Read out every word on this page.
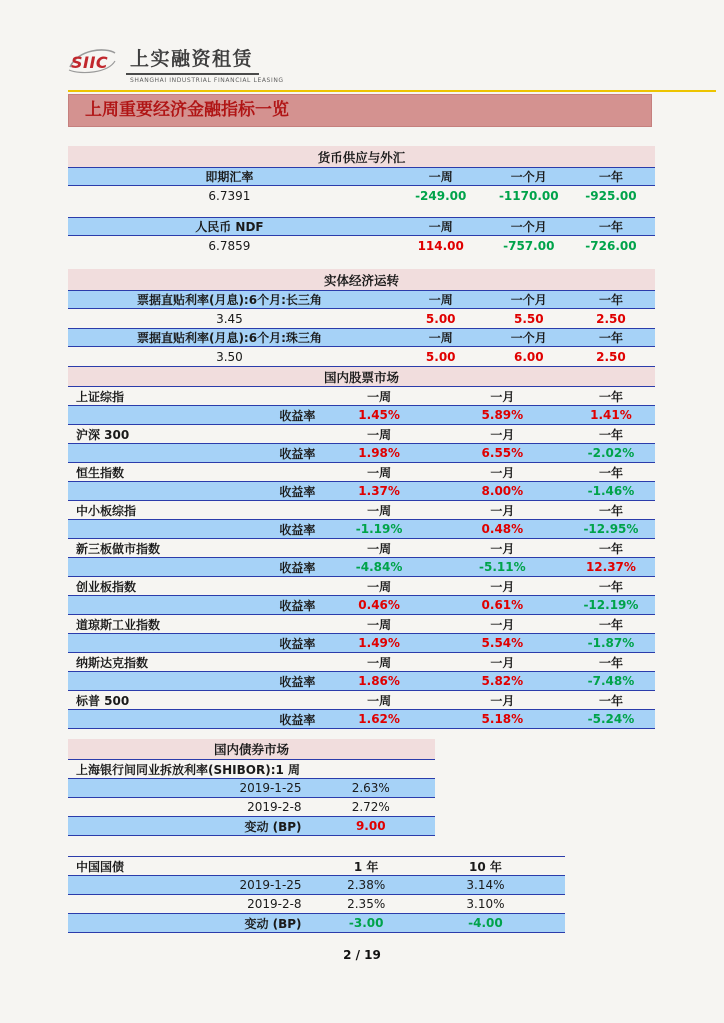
SIIC 上实融资租赁
SHANGHAI INDUSTRIAL FINANCIAL LEASING
上周重要经济金融指标一览
货币供应与外汇
即期汇率	一周	一个月	一年
6.7391	-249.00	-1170.00	-925.00
人民币 NDF	一周	一个月	一年
6.7859	114.00	-757.00	-726.00
实体经济运转
票据直贴利率(月息):6个月:长三角	一周	一个月	一年
3.45	5.00	5.50	2.50
票据直贴利率(月息):6个月:珠三角	一周	一个月	一年
3.50	5.00	6.00	2.50
国内股票市场
上证综指	一周	一月	一年
收益率	1.45%	5.89%	1.41%
沪深 300	一周	一月	一年
收益率	1.98%	6.55%	-2.02%
恒生指数	一周	一月	一年
收益率	1.37%	8.00%	-1.46%
中小板综指	一周	一月	一年
收益率	-1.19%	0.48%	-12.95%
新三板做市指数	一周	一月	一年
收益率	-4.84%	-5.11%	12.37%
创业板指数	一周	一月	一年
收益率	0.46%	0.61%	-12.19%
道琼斯工业指数	一周	一月	一年
收益率	1.49%	5.54%	-1.87%
纳斯达克指数	一周	一月	一年
收益率	1.86%	5.82%	-7.48%
标普 500	一周	一月	一年
收益率	1.62%	5.18%	-5.24%
国内债券市场
上海银行间同业拆放利率(SHIBOR):1 周
2019-1-25	2.63%
2019-2-8	2.72%
变动 (BP)	9.00
中国国债	1 年	10 年
2019-1-25	2.38%	3.14%
2019-2-8	2.35%	3.10%
变动 (BP)	-3.00	-4.00
2 / 19
